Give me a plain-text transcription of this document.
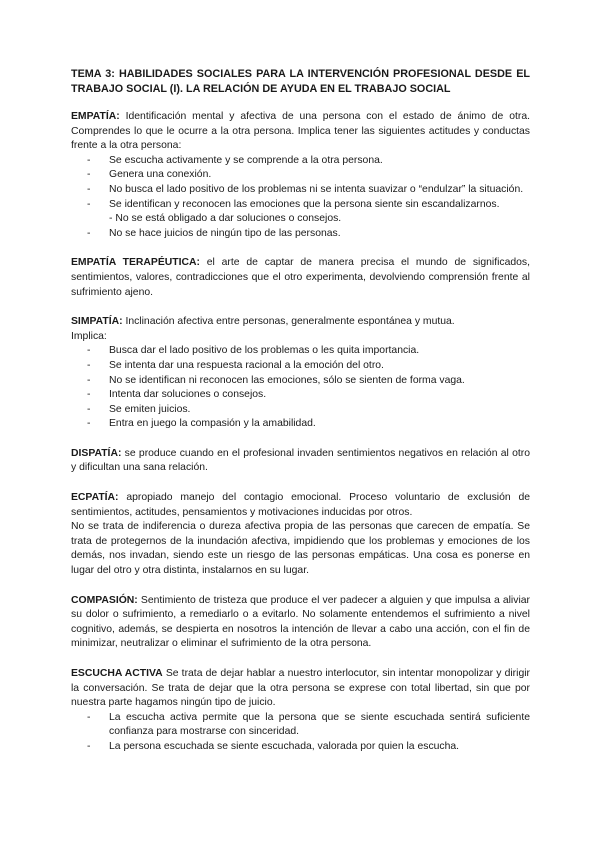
TEMA 3: HABILIDADES SOCIALES PARA LA INTERVENCIÓN PROFESIONAL DESDE EL TRABAJO SOCIAL (I). LA RELACIÓN DE AYUDA EN EL TRABAJO SOCIAL

EMPATÍA: Identificación mental y afectiva de una persona con el estado de ánimo de otra. Comprendes lo que le ocurre a la otra persona. Implica tener las siguientes actitudes y conductas frente a la otra persona:

- Se escucha activamente y se comprende a la otra persona.
- Genera una conexión.
- No busca el lado positivo de los problemas ni se intenta suavizar o “endulzar” la situación.
- Se identifican y reconocen las emociones que la persona siente sin escandalizarnos.
- No se está obligado a dar soluciones o consejos.
- No se hace juicios de ningún tipo de las personas.

EMPATÍA TERAPÉUTICA: el arte de captar de manera precisa el mundo de significados, sentimientos, valores, contradicciones que el otro experimenta, devolviendo comprensión frente al sufrimiento ajeno.

SIMPATÍA: Inclinación afectiva entre personas, generalmente espontánea y mutua.

Implica:

- Busca dar el lado positivo de los problemas o les quita importancia.
- Se intenta dar una respuesta racional a la emoción del otro.
- No se identifican ni reconocen las emociones, sólo se sienten de forma vaga.
- Intenta dar soluciones o consejos.
- Se emiten juicios.
- Entra en juego la compasión y la amabilidad.

DISPATÍA: se produce cuando en el profesional invaden sentimientos negativos en relación al otro y dificultan una sana relación.

ECPATÍA: apropiado manejo del contagio emocional. Proceso voluntario de exclusión de sentimientos, actitudes, pensamientos y motivaciones inducidas por otros.

No se trata de indiferencia o dureza afectiva propia de las personas que carecen de empatía. Se trata de protegernos de la inundación afectiva, impidiendo que los problemas y emociones de los demás, nos invadan, siendo este un riesgo de las personas empáticas. Una cosa es ponerse en lugar del otro y otra distinta, instalarnos en su lugar.

COMPASIÓN: Sentimiento de tristeza que produce el ver padecer a alguien y que impulsa a aliviar su dolor o sufrimiento, a remediarlo o a evitarlo. No solamente entendemos el sufrimiento a nivel cognitivo, además, se despierta en nosotros la intención de llevar a cabo una acción, con el fin de minimizar, neutralizar o eliminar el sufrimiento de la otra persona.

ESCUCHA ACTIVA Se trata de dejar hablar a nuestro interlocutor, sin intentar monopolizar y dirigir la conversación. Se trata de dejar que la otra persona se exprese con total libertad, sin que por nuestra parte hagamos ningún tipo de juicio.

- La escucha activa permite que la persona que se siente escuchada sentirá suficiente confianza para mostrarse con sinceridad.
- La persona escuchada se siente escuchada, valorada por quien la escucha.
